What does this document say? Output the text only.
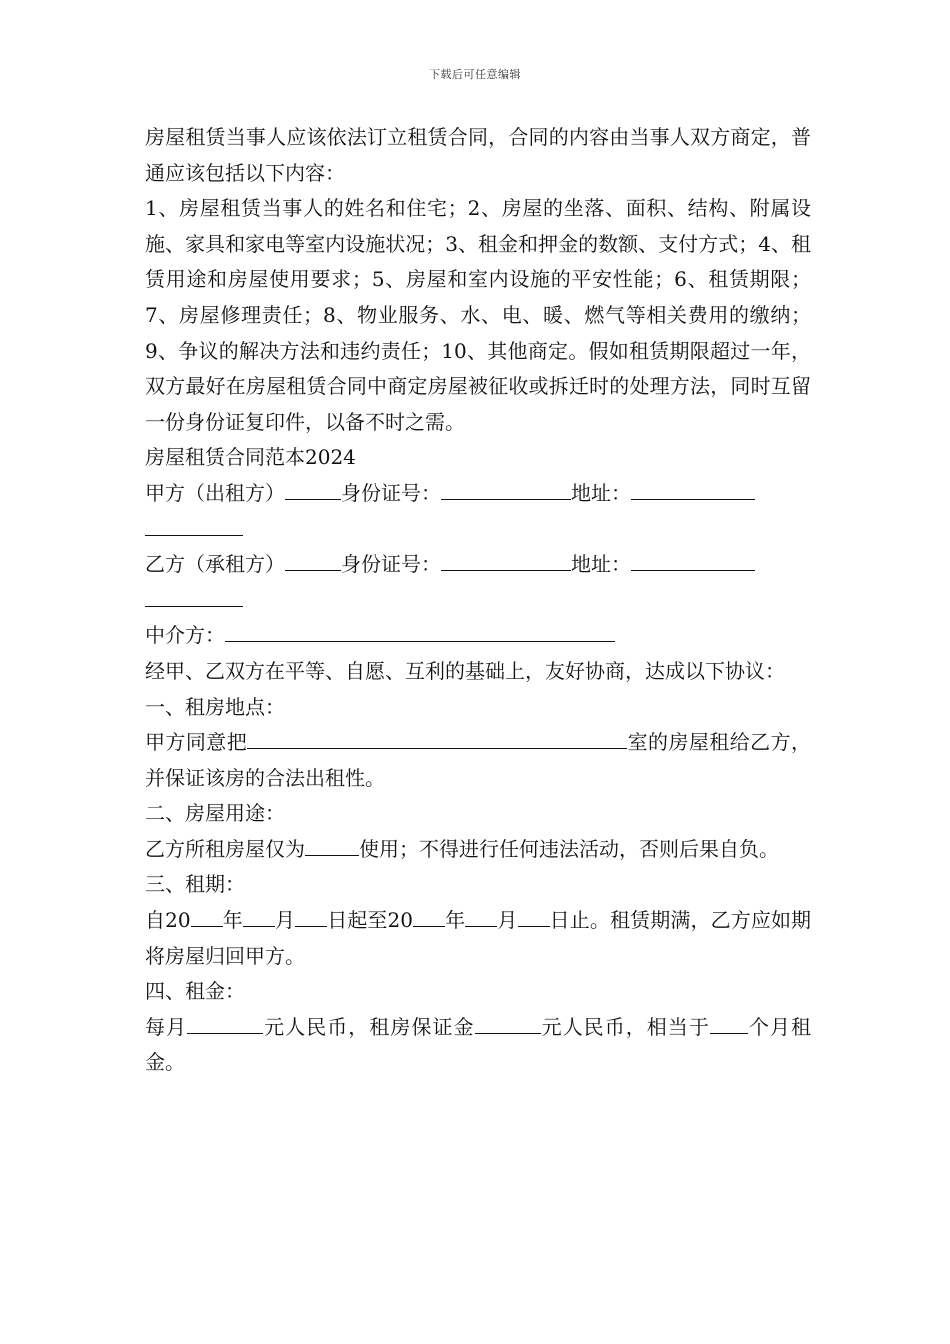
下载后可任意编辑

房屋租赁当事人应该依法订立租赁合同，合同的内容由当事人双方商定，普通应该包括以下内容：

1、房屋租赁当事人的姓名和住宅；2、房屋的坐落、面积、结构、附属设施、家具和家电等室内设施状况；3、租金和押金的数额、支付方式；4、租赁用途和房屋使用要求；5、房屋和室内设施的平安性能；6、租赁期限；7、房屋修理责任；8、物业服务、水、电、暖、燃气等相关费用的缴纳；9、争议的解决方法和违约责任；10、其他商定。假如租赁期限超过一年，双方最好在房屋租赁合同中商定房屋被征收或拆迁时的处理方法，同时互留一份身份证复印件，以备不时之需。

房屋租赁合同范本2024

甲方（出租方）	身份证号：	地址：

乙方（承租方）	身份证号：	地址：

中介方：

经甲、乙双方在平等、自愿、互利的基础上，友好协商，达成以下协议：

一、租房地点：

甲方同意把	室的房屋租给乙方，并保证该房的合法出租性。

二、房屋用途：

乙方所租房屋仅为	使用；不得进行任何违法活动，否则后果自负。

三、租期：

自20 年 月 日起至20 年 月 日止。租赁期满，乙方应如期将房屋归回甲方。

四、租金：

每月	元人民币，租房保证金	元人民币，相当于 个月租金。
